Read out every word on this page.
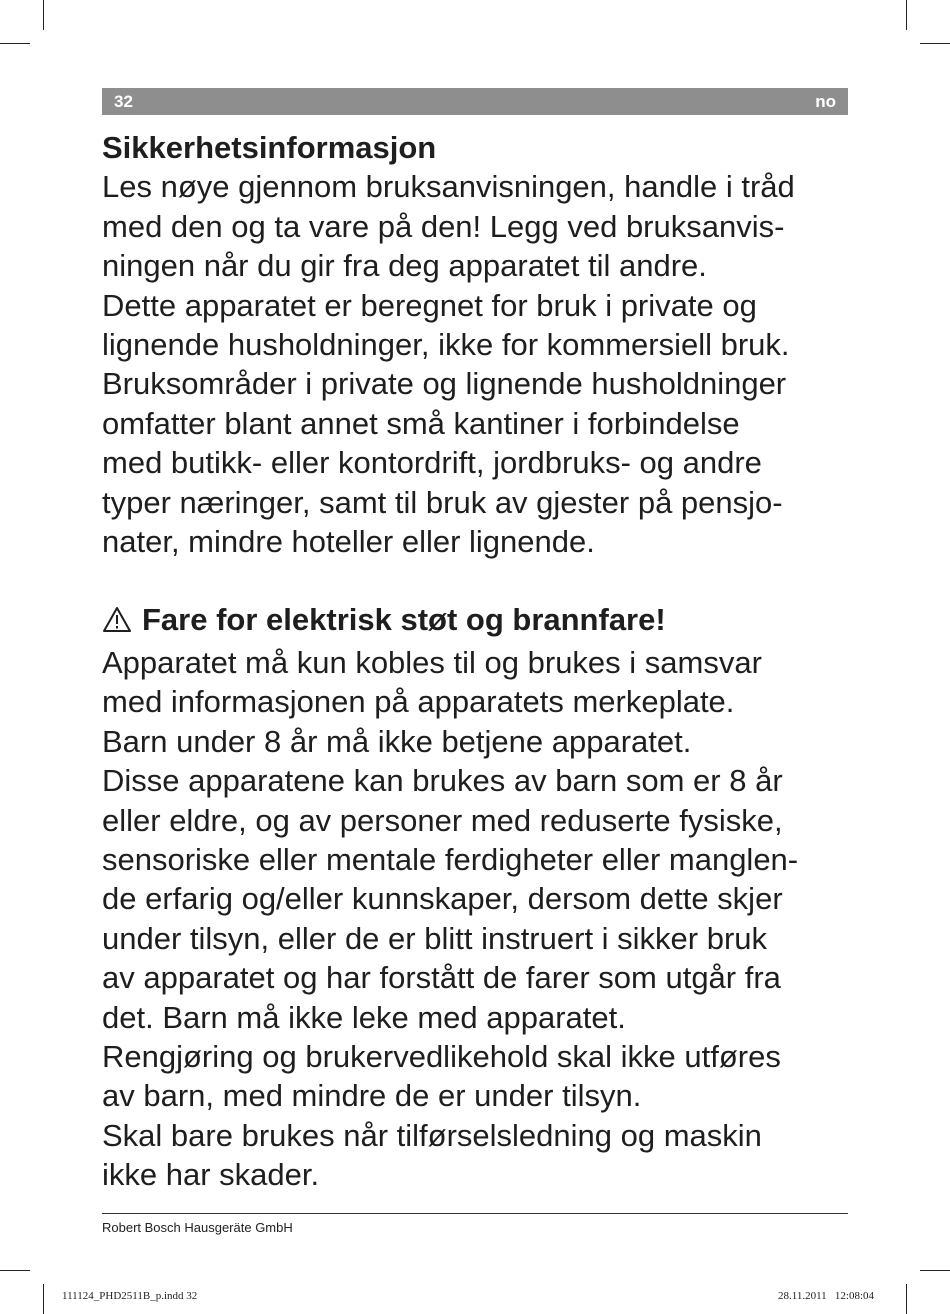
32	no
Sikkerhetsinformasjon

Les nøye gjennom bruksanvisningen, handle i tråd
med den og ta vare på den! Legg ved bruksanvis-
ningen når du gir fra deg apparatet til andre.
Dette apparatet er beregnet for bruk i private og
lignende husholdninger, ikke for kommersiell bruk.
Bruksområder i private og lignende husholdninger
omfatter blant annet små kantiner i forbindelse
med butikk- eller kontordrift, jordbruks- og andre
typer næringer, samt til bruk av gjester på pensjo-
nater, mindre hoteller eller lignende.

Fare for elektrisk støt og brannfare!

Apparatet må kun kobles til og brukes i samsvar
med informasjonen på apparatets merkeplate.
Barn under 8 år må ikke betjene apparatet.
Disse apparatene kan brukes av barn som er 8 år
eller eldre, og av personer med reduserte fysiske,
sensoriske eller mentale ferdigheter eller manglen-
de erfarig og/eller kunnskaper, dersom dette skjer
under tilsyn, eller de er blitt instruert i sikker bruk
av apparatet og har forstått de farer som utgår fra
det. Barn må ikke leke med apparatet.
Rengjøring og brukervedlikehold skal ikke utføres
av barn, med mindre de er under tilsyn.
Skal bare brukes når tilførselsledning og maskin
ikke har skader.

Robert Bosch Hausgeräte GmbH
111124_PHD2511B_p.indd 32	28.11.2011   12:08:04
